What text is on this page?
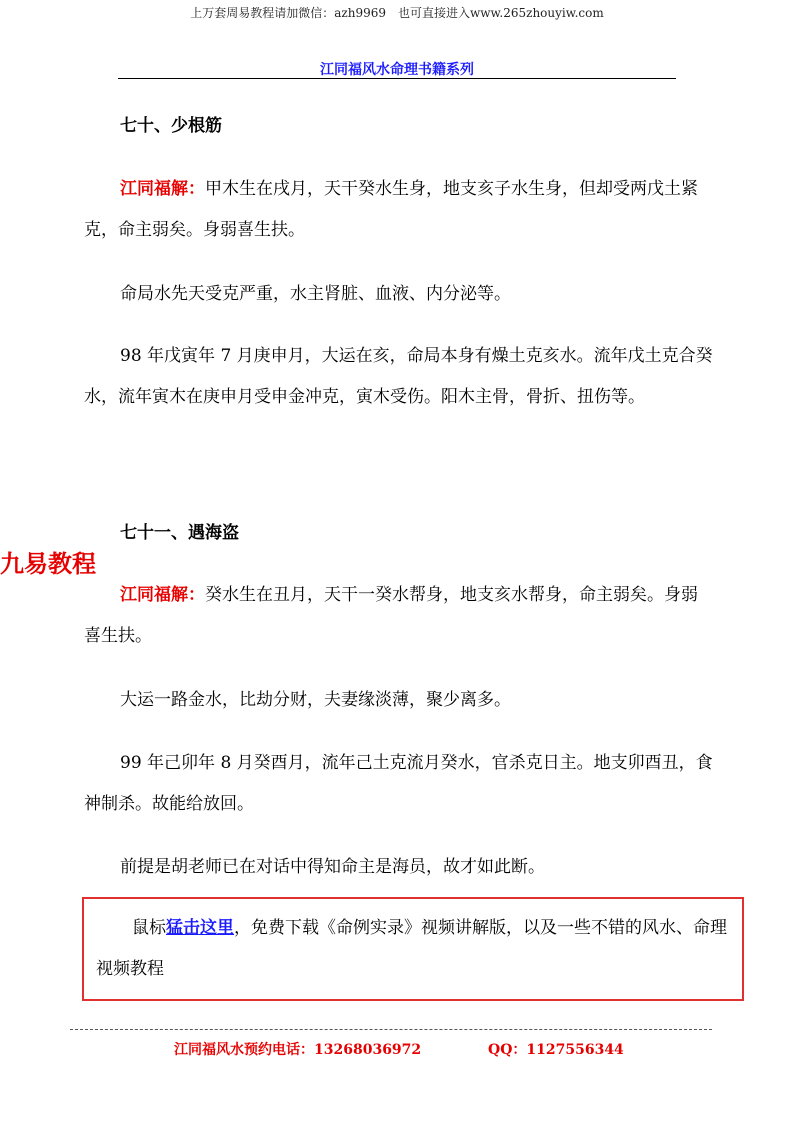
上万套周易教程请加微信：azh9969　也可直接进入www.265zhouyiw.com
江同福风水命理书籍系列
九易教程
七十、少根筋
江同福解：甲木生在戌月，天干癸水生身，地支亥子水生身，但却受两戊土紧克，命主弱矣。身弱喜生扶。
命局水先天受克严重，水主肾脏、血液、内分泌等。
98 年戊寅年 7 月庚申月，大运在亥，命局本身有燥土克亥水。流年戊土克合癸水，流年寅木在庚申月受申金冲克，寅木受伤。阳木主骨，骨折、扭伤等。
七十一、遇海盗
江同福解：癸水生在丑月，天干一癸水帮身，地支亥水帮身，命主弱矣。身弱喜生扶。
大运一路金水，比劫分财，夫妻缘淡薄，聚少离多。
99 年己卯年 8 月癸酉月，流年己土克流月癸水，官杀克日主。地支卯酉丑，食神制杀。故能给放回。
前提是胡老师已在对话中得知命主是海员，故才如此断。
鼠标猛击这里，免费下载《命例实录》视频讲解版，以及一些不错的风水、命理视频教程
江同福风水预约电话：13268036972	QQ：1127556344
